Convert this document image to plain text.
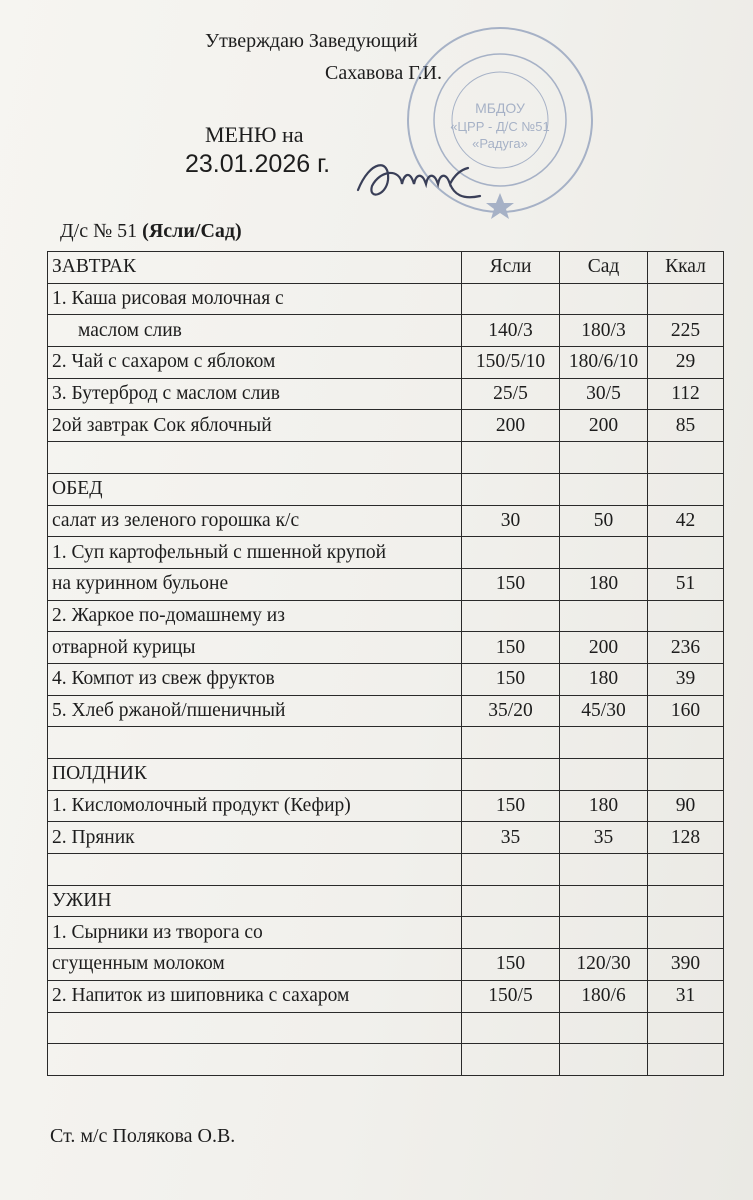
Утверждаю Заведующий
Сахавова Г.И.
МЕНЮ на
23.01.2026 г.
МБДОУ
«ЦРР - Д/С №51
«Радуга»
Д/с № 51 (Ясли/Сад)
ЗАВТРАК	Ясли	Сад	Ккал
1. Каша рисовая молочная с			
маслом слив	140/3	180/3	225
2. Чай с сахаром с яблоком	150/5/10	180/6/10	29
3. Бутерброд с маслом слив	25/5	30/5	112
2ой завтрак Сок яблочный	200	200	85

ОБЕД			
салат из зеленого горошка к/с	30	50	42
1. Суп картофельный с пшенной крупой			
на куринном бульоне	150	180	51
2. Жаркое по-домашнему из			
отварной курицы	150	200	236
4. Компот из свеж фруктов	150	180	39
5. Хлеб ржаной/пшеничный	35/20	45/30	160

ПОЛДНИК			
1. Кисломолочный продукт (Кефир)	150	180	90
2. Пряник	35	35	128

УЖИН			
1. Сырники из творога со			
сгущенным молоком	150	120/30	390
2. Напиток из шиповника с сахаром	150/5	180/6	31

Ст. м/с Полякова О.В.
